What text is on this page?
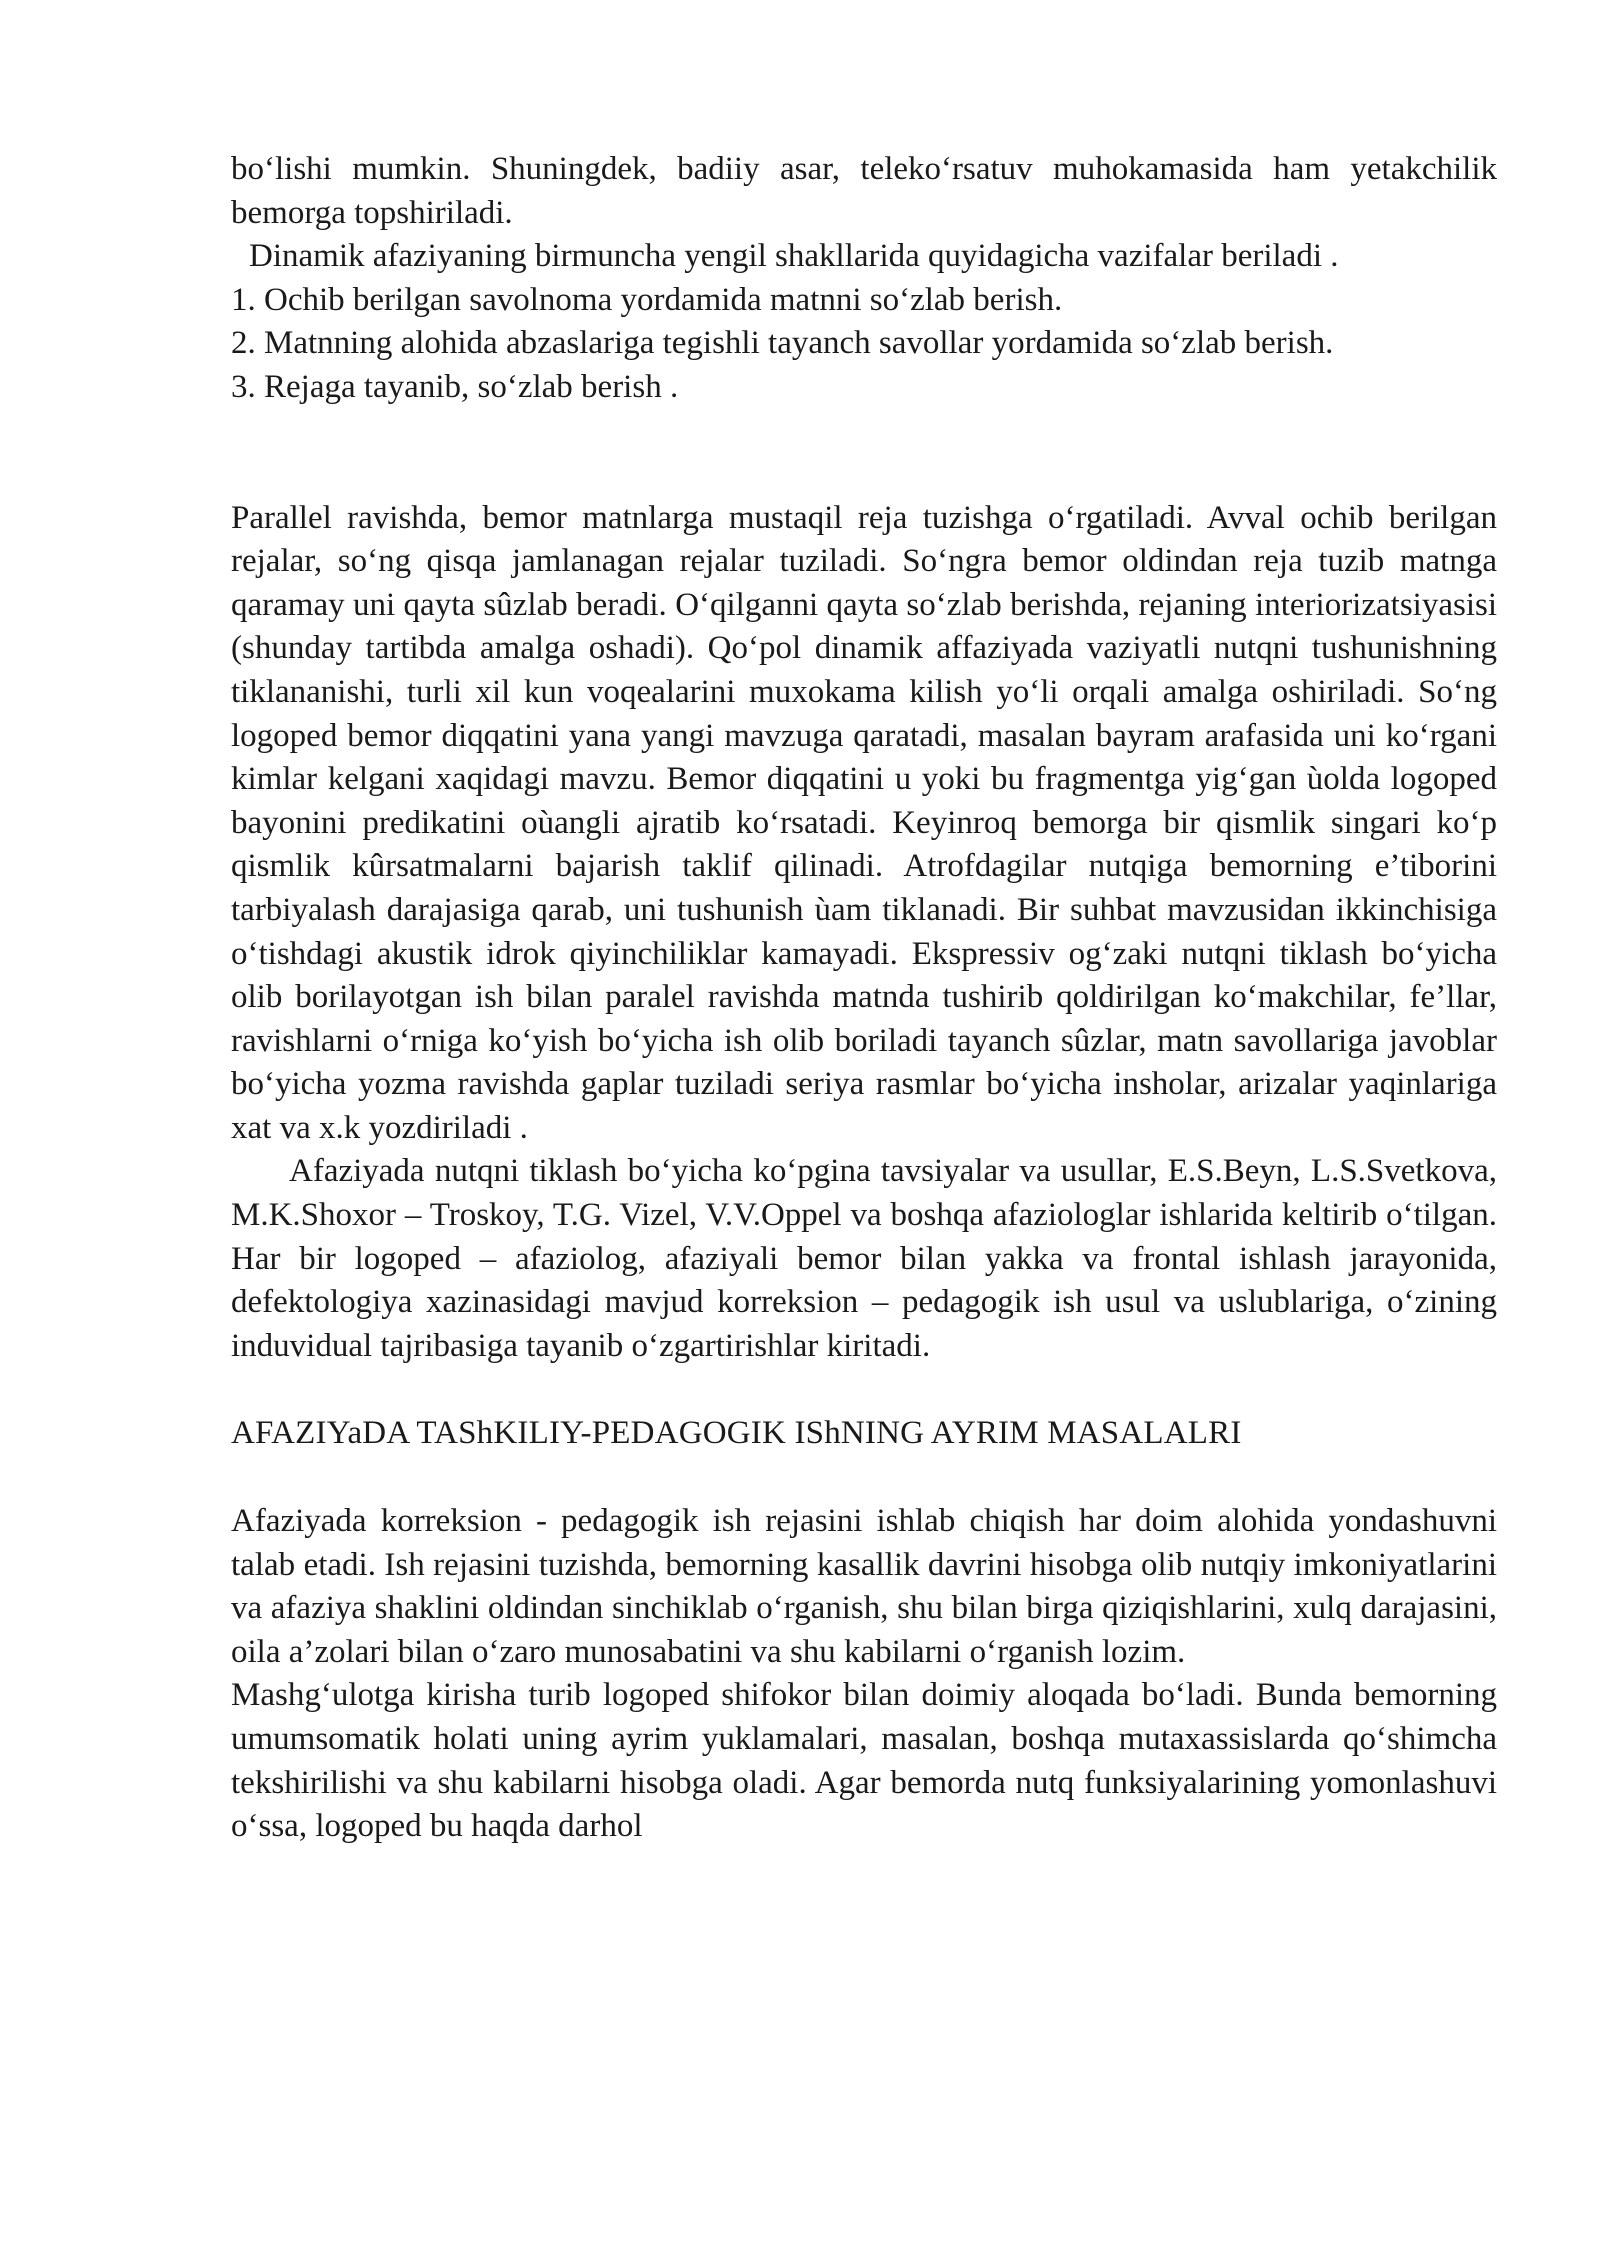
bo‘lishi mumkin. Shuningdek, badiiy asar, teleko‘rsatuv muhokamasida ham yetakchilik bemorga topshiriladi.

Dinamik afaziyaning birmuncha yengil shakllarida quyidagicha vazifalar beriladi .

1. Ochib berilgan savolnoma yordamida matnni so‘zlab berish.

2. Matnning alohida abzaslariga tegishli tayanch savollar yordamida so‘zlab berish.

3. Rejaga tayanib, so‘zlab berish .

Parallel ravishda, bemor matnlarga mustaqil reja tuzishga o‘rgatiladi. Avval ochib berilgan rejalar, so‘ng qisqa jamlanagan rejalar tuziladi. So‘ngra bemor oldindan reja tuzib matnga qaramay uni qayta sûzlab beradi. O‘qilganni qayta so‘zlab berishda, rejaning interiorizatsiyasisi (shunday tartibda amalga oshadi). Qo‘pol dinamik affaziyada vaziyatli nutqni tushunishning tiklananishi, turli xil kun voqealarini muxokama kilish yo‘li orqali amalga oshiriladi. So‘ng logoped bemor diqqatini yana yangi mavzuga qaratadi, masalan bayram arafasida uni ko‘rgani kimlar kelgani xaqidagi mavzu. Bemor diqqatini u yoki bu fragmentga yig‘gan ùolda logoped bayonini predikatini oùangli ajratib ko‘rsatadi. Keyinroq bemorga bir qismlik singari ko‘p qismlik kûrsatmalarni bajarish taklif qilinadi. Atrofdagilar nutqiga bemorning e’tiborini tarbiyalash darajasiga qarab, uni tushunish ùam tiklanadi. Bir suhbat mavzusidan ikkinchisiga o‘tishdagi akustik idrok qiyinchiliklar kamayadi. Ekspressiv og‘zaki nutqni tiklash bo‘yicha olib borilayotgan ish bilan paralel ravishda matnda tushirib qoldirilgan ko‘makchilar, fe’llar, ravishlarni o‘rniga ko‘yish bo‘yicha ish olib boriladi tayanch sûzlar, matn savollariga javoblar bo‘yicha yozma ravishda gaplar tuziladi seriya rasmlar bo‘yicha insholar, arizalar yaqinlariga xat va x.k yozdiriladi .

Afaziyada nutqni tiklash bo‘yicha ko‘pgina tavsiyalar va usullar, E.S.Beyn, L.S.Svetkova, M.K.Shoxor – Troskoy, T.G. Vizel, V.V.Oppel va boshqa afaziologlar ishlarida keltirib o‘tilgan. Har bir logoped – afaziolog, afaziyali bemor bilan yakka va frontal ishlash jarayonida, defektologiya xazinasidagi mavjud korreksion – pedagogik ish usul va uslublariga, o‘zining induvidual tajribasiga tayanib o‘zgartirishlar kiritadi.

AFAZIYaDA TAShKILIY-PEDAGOGIK IShNING AYRIM MASALALRI

Afaziyada korreksion - pedagogik ish rejasini ishlab chiqish har doim alohida yondashuvni talab etadi. Ish rejasini tuzishda, bemorning kasallik davrini hisobga olib nutqiy imkoniyatlarini va afaziya shaklini oldindan sinchiklab o‘rganish, shu bilan birga qiziqishlarini, xulq darajasini, oila a’zolari bilan o‘zaro munosabatini va shu kabilarni o‘rganish lozim.

Mashg‘ulotga kirisha turib logoped shifokor bilan doimiy aloqada bo‘ladi. Bunda bemorning umumsomatik holati uning ayrim yuklamalari, masalan, boshqa mutaxassislarda qo‘shimcha tekshirilishi va shu kabilarni hisobga oladi. Agar bemorda nutq funksiyalarining yomonlashuvi o‘ssa, logoped bu haqda darhol
